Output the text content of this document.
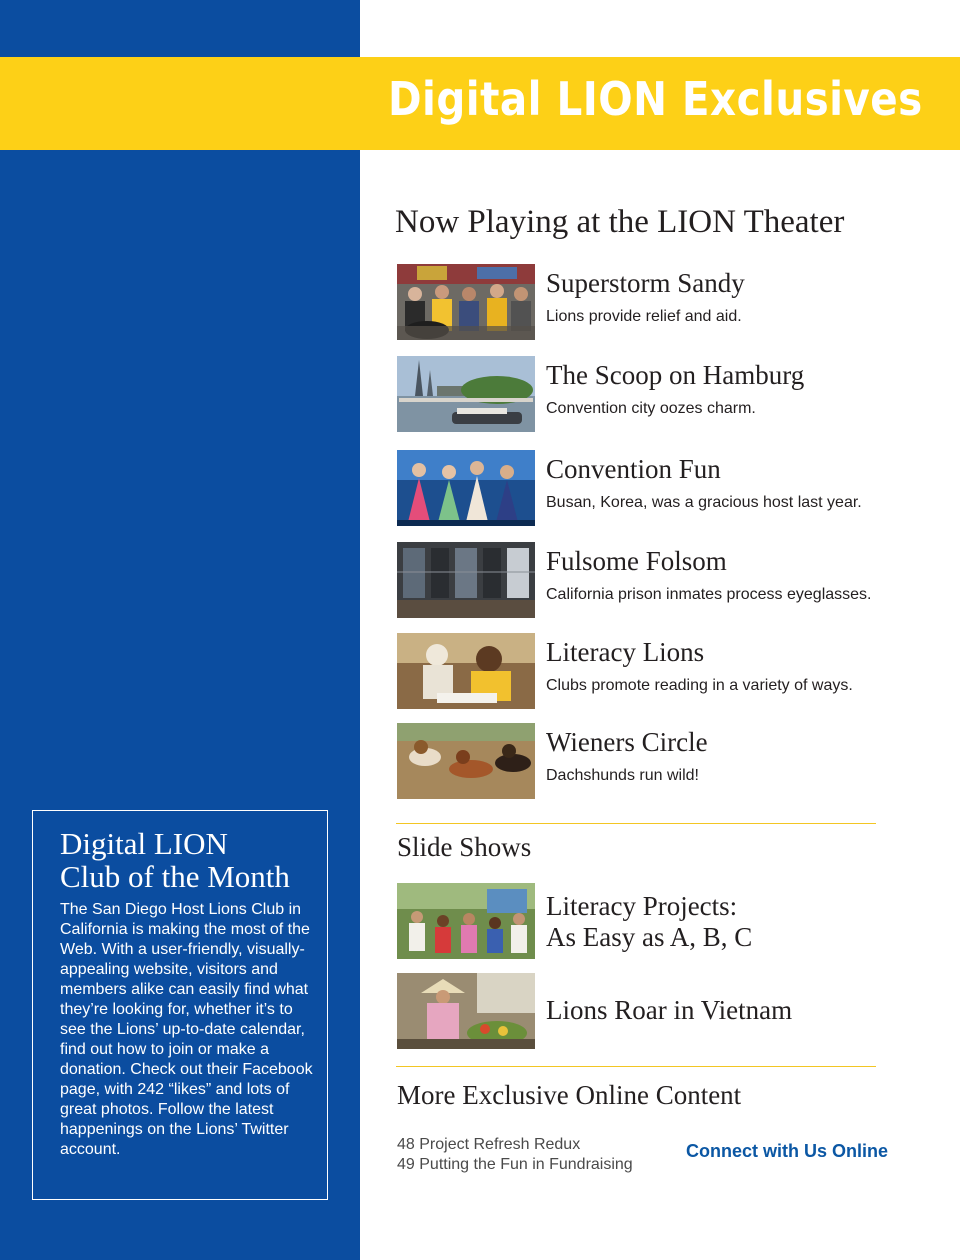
Digital LION Exclusives
Digital LION
Club of the Month
The San Diego Host Lions Club in California is making the most of the Web. With a user-friendly, visually-appealing website, visitors and members alike can easily find what they’re looking for, whether it’s to see the Lions’ up-to-date calendar, find out how to join or make a donation. Check out their Facebook page, with 242 “likes” and lots of great photos. Follow the latest happenings on the Lions’ Twitter account.
Now Playing at the LION Theater
Superstorm Sandy
Lions provide relief and aid.
The Scoop on Hamburg
Convention city oozes charm.
Convention Fun
Busan, Korea, was a gracious host last year.
Fulsome Folsom
California prison inmates process eyeglasses.
Literacy Lions
Clubs promote reading in a variety of ways.
Wieners Circle
Dachshunds run wild!
Slide Shows
Literacy Projects:
As Easy as A, B, C
Lions Roar in Vietnam
More Exclusive Online Content
48 Project Refresh Redux
49 Putting the Fun in Fundraising
Connect with Us Online
